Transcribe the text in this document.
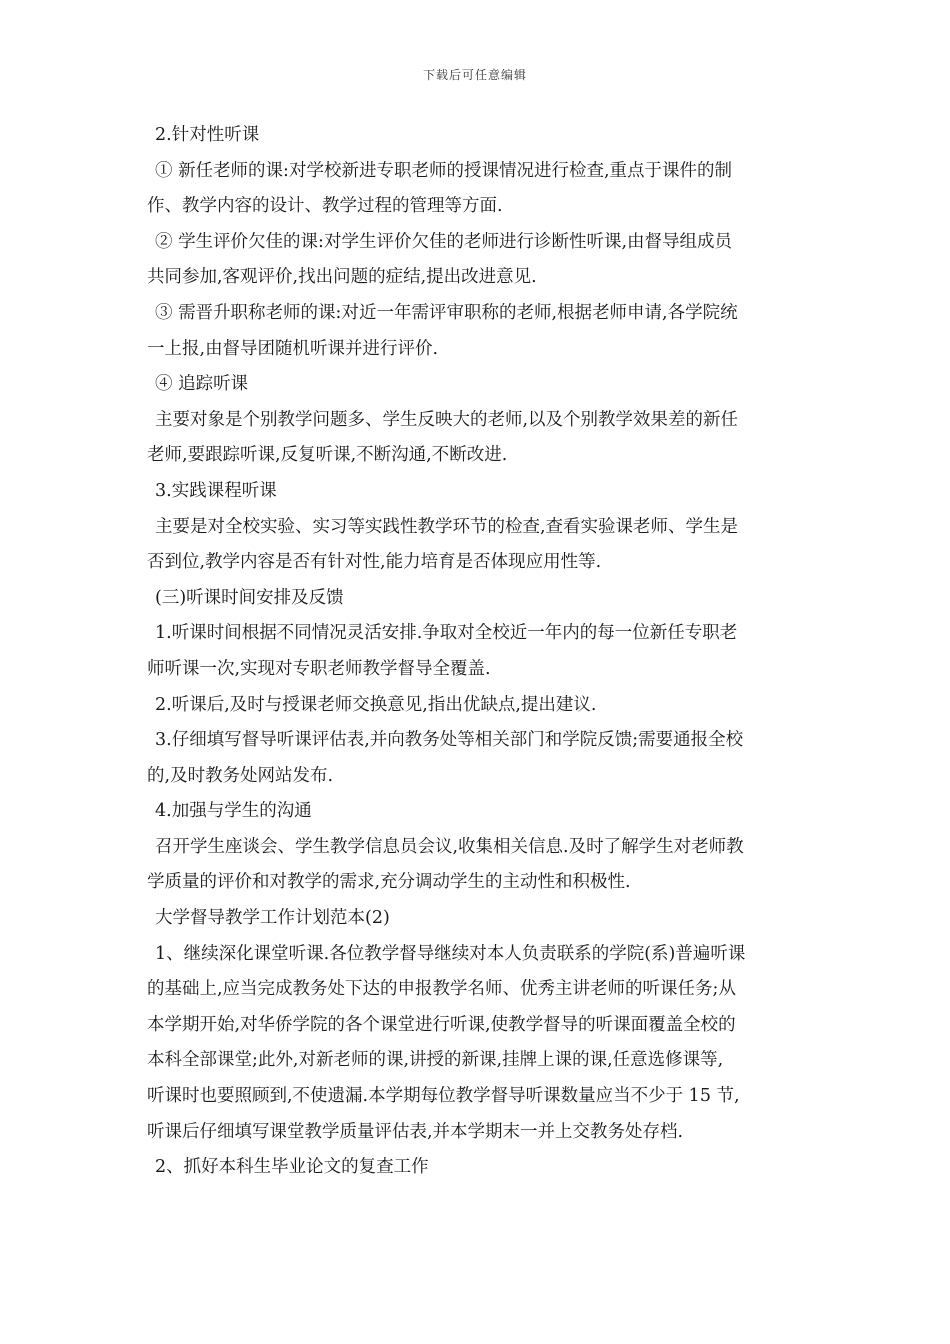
下载后可任意编辑
2.针对性听课
① 新任老师的课:对学校新进专职老师的授课情况进行检查,重点于课件的制
作、教学内容的设计、教学过程的管理等方面.
② 学生评价欠佳的课:对学生评价欠佳的老师进行诊断性听课,由督导组成员
共同参加,客观评价,找出问题的症结,提出改进意见.
③ 需晋升职称老师的课:对近一年需评审职称的老师,根据老师申请,各学院统
一上报,由督导团随机听课并进行评价.
④ 追踪听课
主要对象是个别教学问题多、学生反映大的老师,以及个别教学效果差的新任
老师,要跟踪听课,反复听课,不断沟通,不断改进.
3.实践课程听课
主要是对全校实验、实习等实践性教学环节的检查,查看实验课老师、学生是
否到位,教学内容是否有针对性,能力培育是否体现应用性等.
(三)听课时间安排及反馈
1.听课时间根据不同情况灵活安排.争取对全校近一年内的每一位新任专职老
师听课一次,实现对专职老师教学督导全覆盖.
2.听课后,及时与授课老师交换意见,指出优缺点,提出建议.
3.仔细填写督导听课评估表,并向教务处等相关部门和学院反馈;需要通报全校
的,及时教务处网站发布.
4.加强与学生的沟通
召开学生座谈会、学生教学信息员会议,收集相关信息.及时了解学生对老师教
学质量的评价和对教学的需求,充分调动学生的主动性和积极性.
大学督导教学工作计划范本(2)
1、继续深化课堂听课.各位教学督导继续对本人负责联系的学院(系)普遍听课
的基础上,应当完成教务处下达的申报教学名师、优秀主讲老师的听课任务;从
本学期开始,对华侨学院的各个课堂进行听课,使教学督导的听课面覆盖全校的
本科全部课堂;此外,对新老师的课,讲授的新课,挂牌上课的课,任意选修课等,
听课时也要照顾到,不使遗漏.本学期每位教学督导听课数量应当不少于 15 节,
听课后仔细填写课堂教学质量评估表,并本学期末一并上交教务处存档.
2、抓好本科生毕业论文的复查工作
